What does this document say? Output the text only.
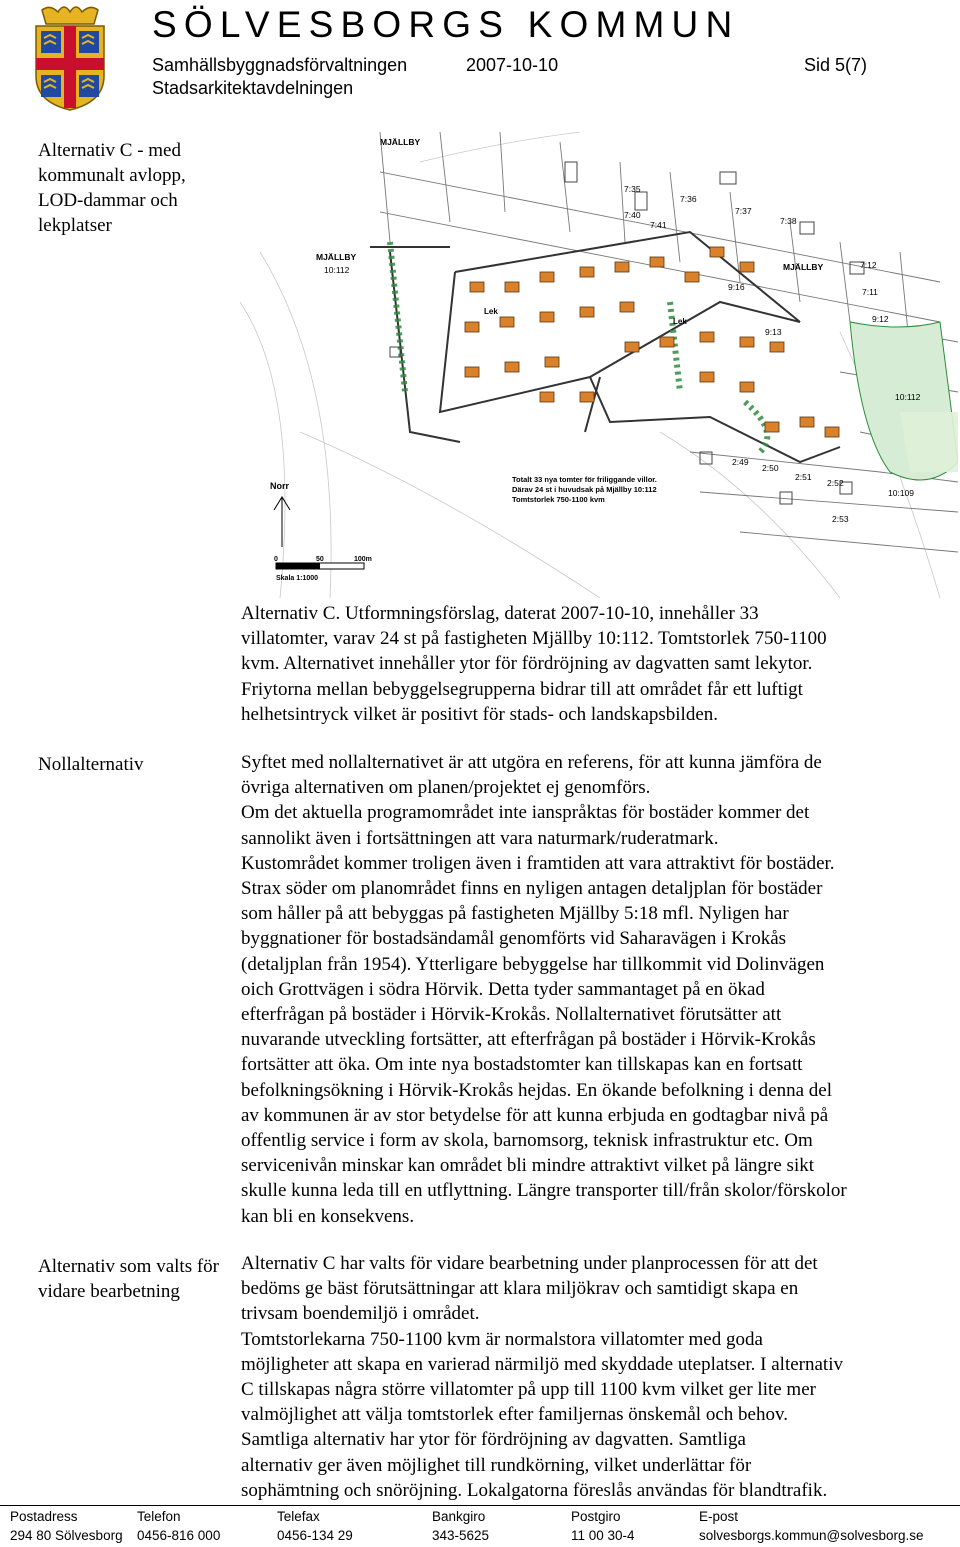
SÖLVESBORGS KOMMUN
Samhällsbyggnadsförvaltningen	2007-10-10	Sid 5(7)
Stadsarkitektavdelningen
Alternativ C - med kommunalt avlopp, LOD-dammar och lekplatser
Nollalternativ
Alternativ som valts för vidare bearbetning
MJÄLLBY
MJÄLLBY
10:112	MJÄLLBY
7:35
7:36
7:37
7:38
7:40
7:41
7:12
7:11
9:12
9:13
9:16
2:49
2:50
2:51
2:52
2:53
10:112
10:109
Lek
Lek
Totalt 33 nya tomter för friliggande villor.
Därav 24 st i huvudsak på Mjällby 10:112
Tomtstorlek 750-1100 kvm
Norr
0	50	100m
Skala 1:1000
Alternativ C. Utformningsförslag, daterat 2007-10-10, innehåller 33
villatomter, varav 24 st på fastigheten Mjällby 10:112. Tomtstorlek 750-1100
kvm. Alternativet innehåller ytor för fördröjning av dagvatten samt lekytor.
Friytorna mellan bebyggelsegrupperna bidrar till att området får ett luftigt
helhetsintryck vilket är positivt för stads- och landskapsbilden.
Syftet med nollalternativet är att utgöra en referens, för att kunna jämföra de
övriga alternativen om planen/projektet ej genomförs.
Om det aktuella programområdet inte ianspråktas för bostäder kommer det
sannolikt även i fortsättningen att vara naturmark/ruderatmark.
Kustområdet kommer troligen även i framtiden att vara attraktivt för bostäder.
Strax söder om planområdet finns en nyligen antagen detaljplan för bostäder
som håller på att bebyggas på fastigheten Mjällby 5:18 mfl. Nyligen har
byggnationer för bostadsändamål genomförts vid Saharavägen i Krokås
(detaljplan från 1954). Ytterligare bebyggelse har tillkommit vid Dolinvägen
oich Grottvägen i södra Hörvik. Detta tyder sammantaget på en ökad
efterfrågan på bostäder i Hörvik-Krokås. Nollalternativet förutsätter att
nuvarande utveckling fortsätter, att efterfrågan på bostäder i Hörvik-Krokås
fortsätter att öka. Om inte nya bostadstomter kan tillskapas kan en fortsatt
befolkningsökning i Hörvik-Krokås hejdas. En ökande befolkning i denna del
av kommunen är av stor betydelse för att kunna erbjuda en godtagbar nivå på
offentlig service i form av skola, barnomsorg, teknisk infrastruktur etc. Om
servicenivån minskar kan området bli mindre attraktivt vilket på längre sikt
skulle kunna leda till en utflyttning. Längre transporter till/från skolor/förskolor
kan bli en konsekvens.
Alternativ C har valts för vidare bearbetning under planprocessen för att det
bedöms ge bäst förutsättningar att klara miljökrav och samtidigt skapa en
trivsam boendemiljö i området.
Tomtstorlekarna 750-1100 kvm är normalstora villatomter med goda
möjligheter att skapa en varierad närmiljö med skyddade uteplatser. I alternativ
C tillskapas några större villatomter på upp till 1100 kvm vilket ger lite mer
valmöjlighet att välja tomtstorlek efter familjernas önskemål och behov.
Samtliga alternativ har ytor för fördröjning av dagvatten. Samtliga
alternativ ger även möjlighet till rundkörning, vilket underlättar för
sophämtning och snöröjning. Lokalgatorna föreslås användas för blandtrafik.
Postadress	Telefon	Telefax	Bankgiro	Postgiro	E-post
294 80 Sölvesborg 0456-816 000	0456-134 29	343-5625	11 00 30-4	solvesborgs.kommun@solvesborg.se
